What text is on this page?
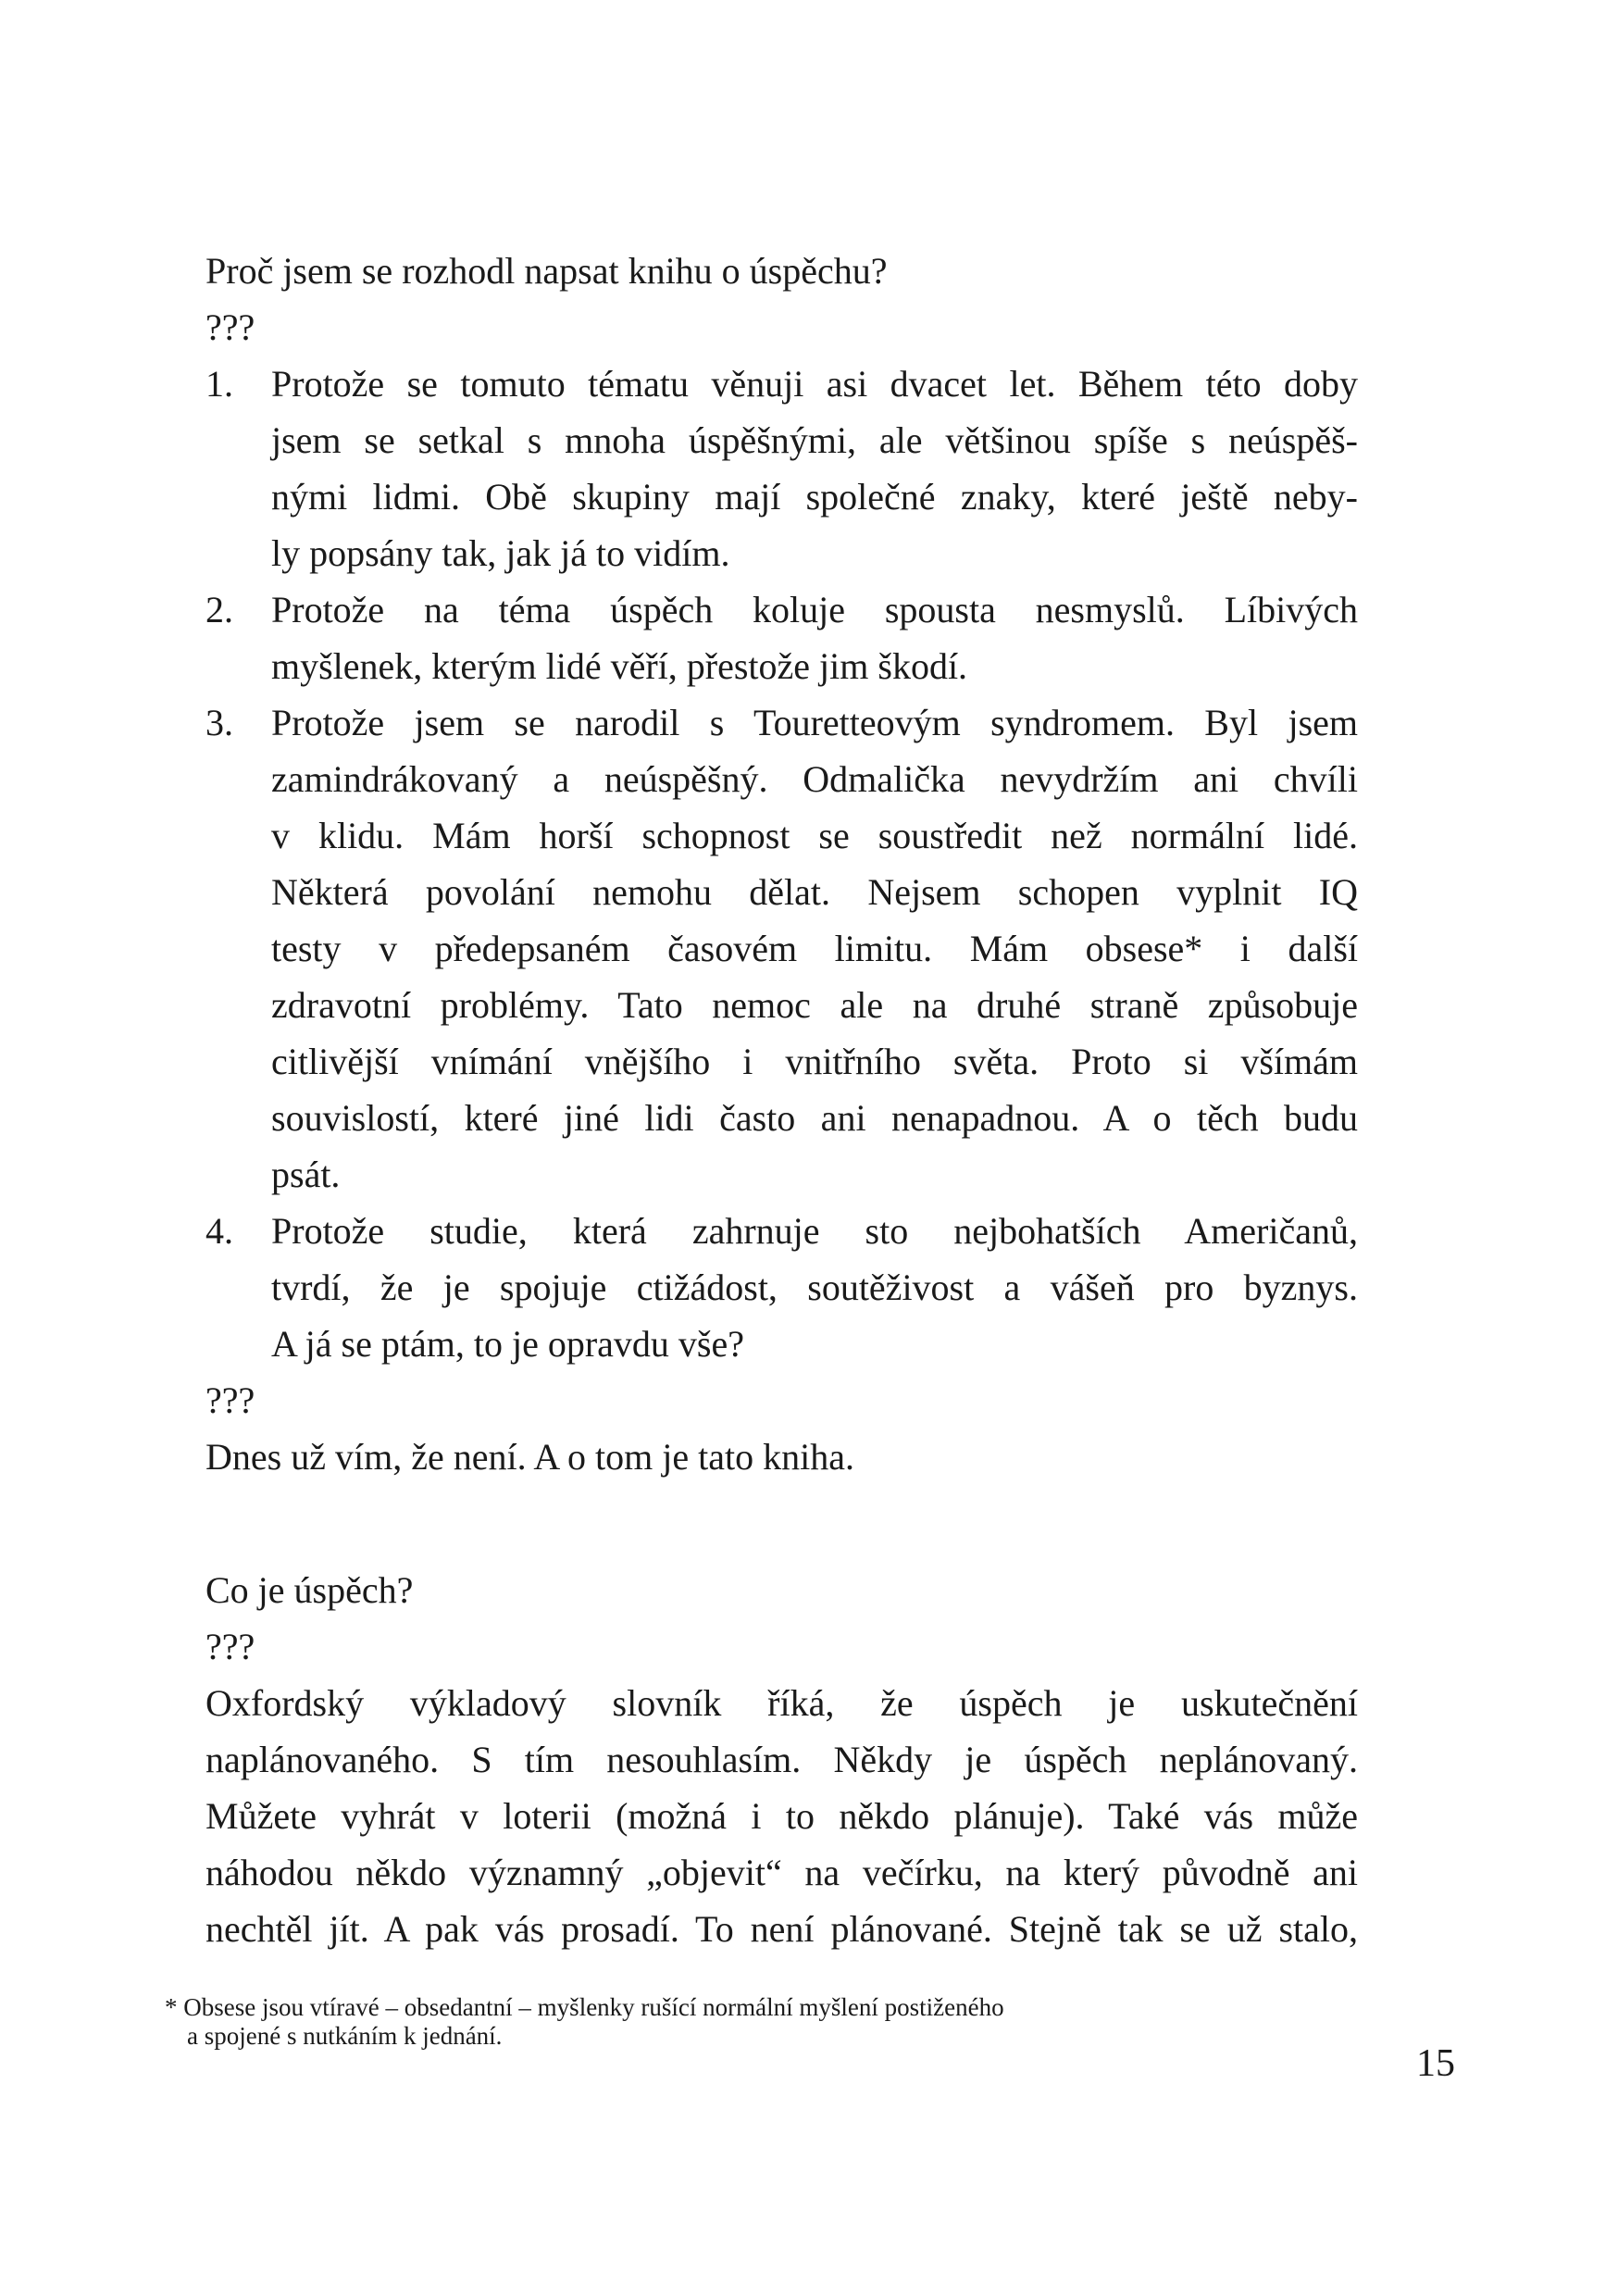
Proč jsem se rozhodl napsat knihu o úspěchu?
???
1. Protože se tomuto tématu věnuji asi dvacet let. Během této doby
jsem se setkal s mnoha úspěšnými, ale většinou spíše s neúspěš-
nými lidmi. Obě skupiny mají společné znaky, které ještě neby-
ly popsány tak, jak já to vidím.
2. Protože na téma úspěch koluje spousta nesmyslů. Líbivých
myšlenek, kterým lidé věří, přestože jim škodí.
3. Protože jsem se narodil s Tourettеovým syndromem. Byl jsem
zamindrákovaný a neúspěšný. Odmalička nevydržím ani chvíli
v klidu. Mám horší schopnost se soustředit než normální lidé.
Některá povolání nemohu dělat. Nejsem schopen vyplnit IQ
testy v předepsaném časovém limitu. Mám obsese* i další
zdravotní problémy. Tato nemoc ale na druhé straně způsobuje
citlivější vnímání vnějšího i vnitřního světa. Proto si všímám
souvislostí, které jiné lidi často ani nenapadnou. A o těch budu
psát.
4. Protože studie, která zahrnuje sto nejbohatších Američanů,
tvrdí, že je spojuje ctižádost, soutěživost a vášeň pro byznys.
A já se ptám, to je opravdu vše?
???
Dnes už vím, že není. A o tom je tato kniha.
Co je úspěch?
???
Oxfordský výkladový slovník říká, že úspěch je uskutečnění
naplánovaného. S tím nesouhlasím. Někdy je úspěch neplánovaný.
Můžete vyhrát v loterii (možná i to někdo plánuje). Také vás může
náhodou někdo významný „objevit“ na večírku, na který původně ani
nechtěl jít. A pak vás prosadí. To není plánované. Stejně tak se už stalo,
* Obsese jsou vtíravé – obsedantní – myšlenky rušící normální myšlení postiženého
a spojené s nutkáním k jednání.
15
